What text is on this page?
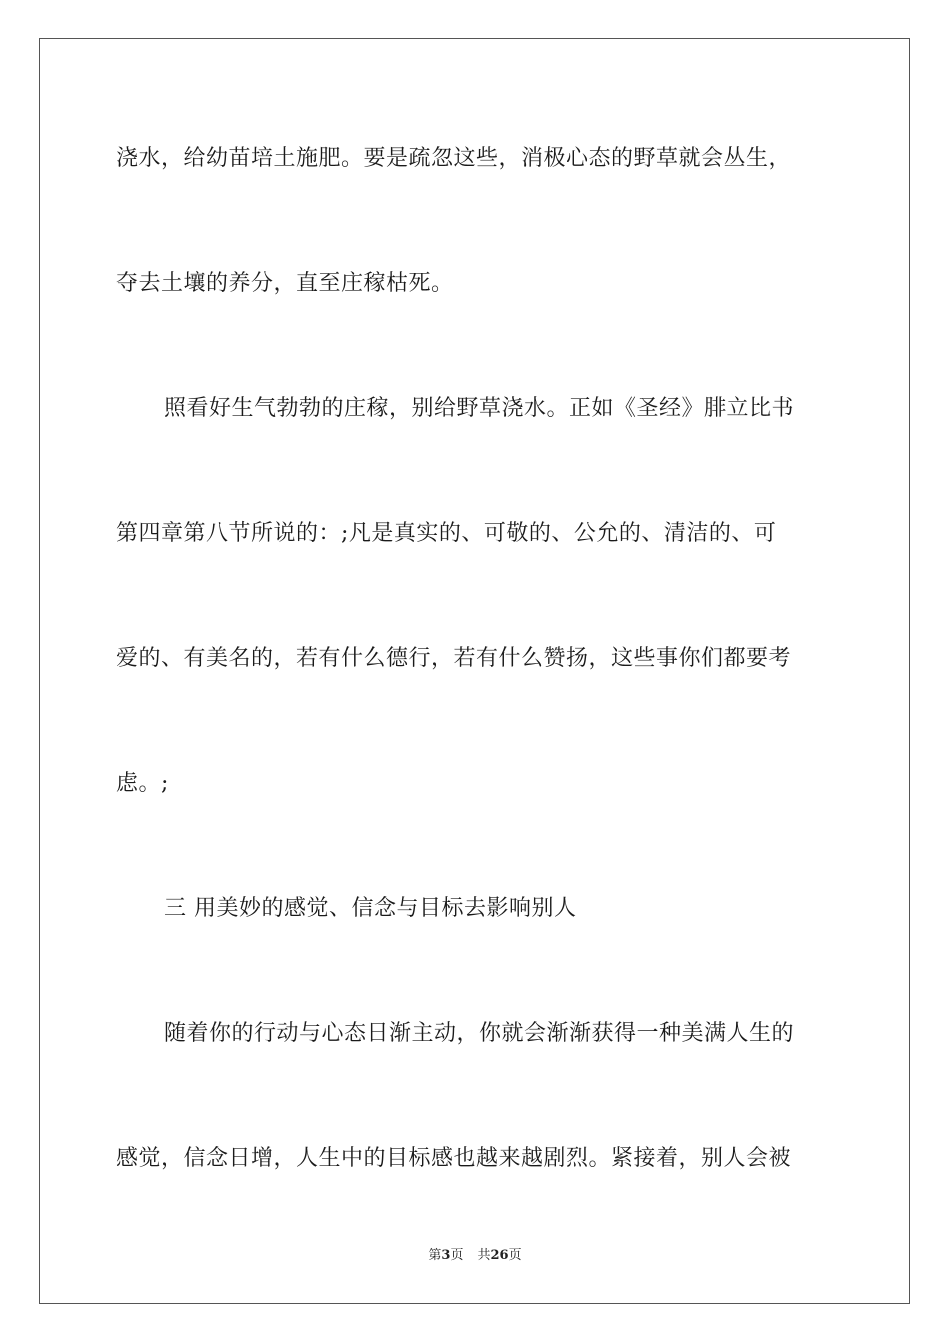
浇水，给幼苗培土施肥。要是疏忽这些，消极心态的野草就会丛生，
夺去土壤的养分，直至庄稼枯死。
照看好生气勃勃的庄稼，别给野草浇水。正如《圣经》腓立比书
第四章第八节所说的：;凡是真实的、可敬的、公允的、清洁的、可
爱的、有美名的，若有什么德行，若有什么赞扬，这些事你们都要考
虑。;
三 用美妙的感觉、信念与目标去影响别人
随着你的行动与心态日渐主动，你就会渐渐获得一种美满人生的
感觉，信念日增，人生中的目标感也越来越剧烈。紧接着，别人会被
第3页 共26页
